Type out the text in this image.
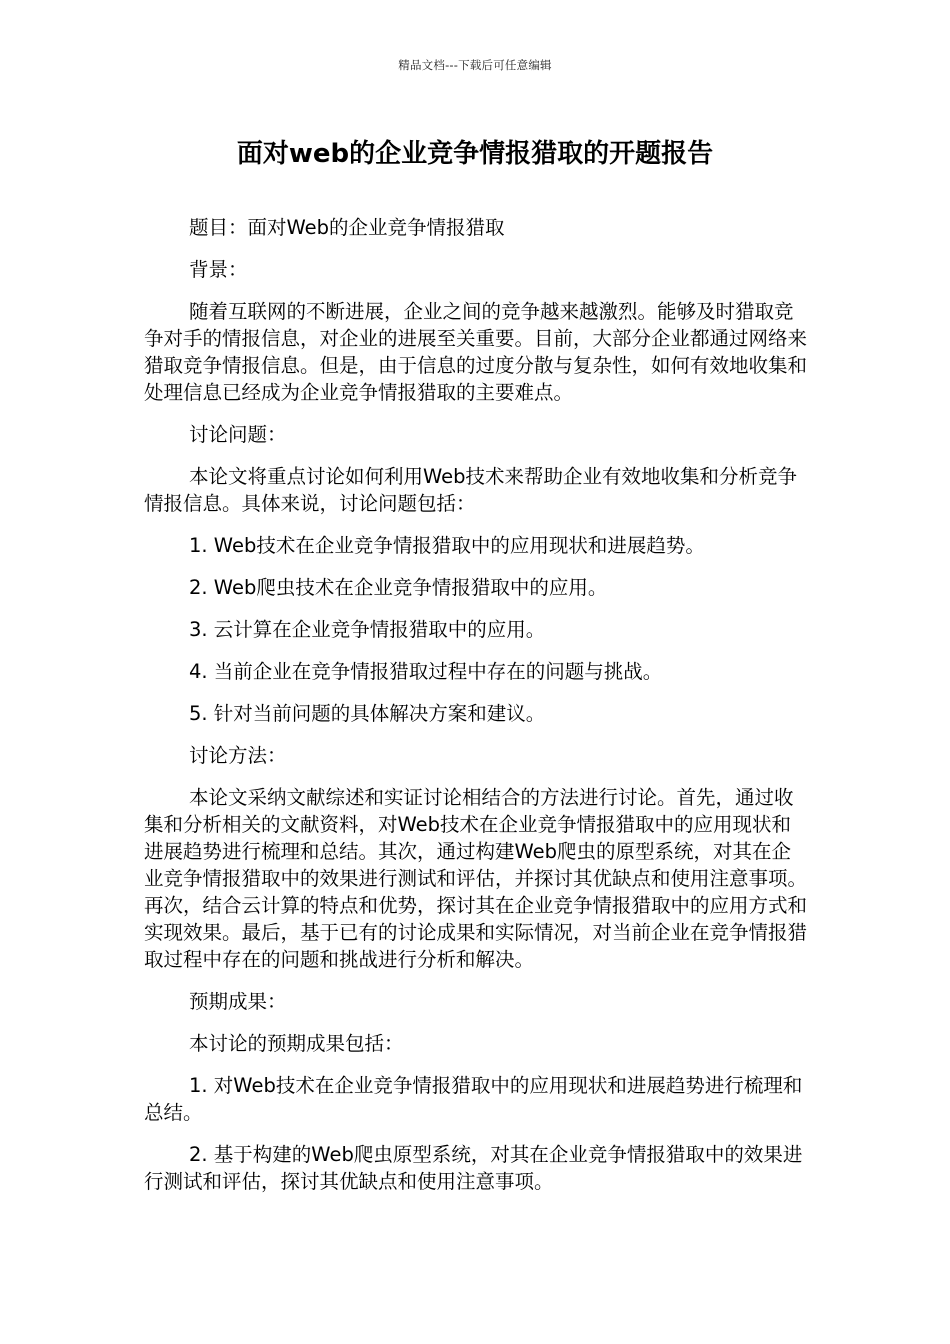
精品文档---下载后可任意编辑
面对web的企业竞争情报猎取的开题报告

题目：面对Web的企业竞争情报猎取

背景：

随着互联网的不断进展，企业之间的竞争越来越激烈。能够及时猎取竞争对手的情报信息，对企业的进展至关重要。目前，大部分企业都通过网络来猎取竞争情报信息。但是，由于信息的过度分散与复杂性，如何有效地收集和处理信息已经成为企业竞争情报猎取的主要难点。

讨论问题：

本论文将重点讨论如何利用Web技术来帮助企业有效地收集和分析竞争情报信息。具体来说，讨论问题包括：

1. Web技术在企业竞争情报猎取中的应用现状和进展趋势。

2. Web爬虫技术在企业竞争情报猎取中的应用。

3. 云计算在企业竞争情报猎取中的应用。

4. 当前企业在竞争情报猎取过程中存在的问题与挑战。

5. 针对当前问题的具体解决方案和建议。

讨论方法：

本论文采纳文献综述和实证讨论相结合的方法进行讨论。首先，通过收集和分析相关的文献资料，对Web技术在企业竞争情报猎取中的应用现状和进展趋势进行梳理和总结。其次，通过构建Web爬虫的原型系统，对其在企业竞争情报猎取中的效果进行测试和评估，并探讨其优缺点和使用注意事项。再次，结合云计算的特点和优势，探讨其在企业竞争情报猎取中的应用方式和实现效果。最后，基于已有的讨论成果和实际情况，对当前企业在竞争情报猎取过程中存在的问题和挑战进行分析和解决。

预期成果：

本讨论的预期成果包括：

1. 对Web技术在企业竞争情报猎取中的应用现状和进展趋势进行梳理和总结。

2. 基于构建的Web爬虫原型系统，对其在企业竞争情报猎取中的效果进行测试和评估，探讨其优缺点和使用注意事项。
